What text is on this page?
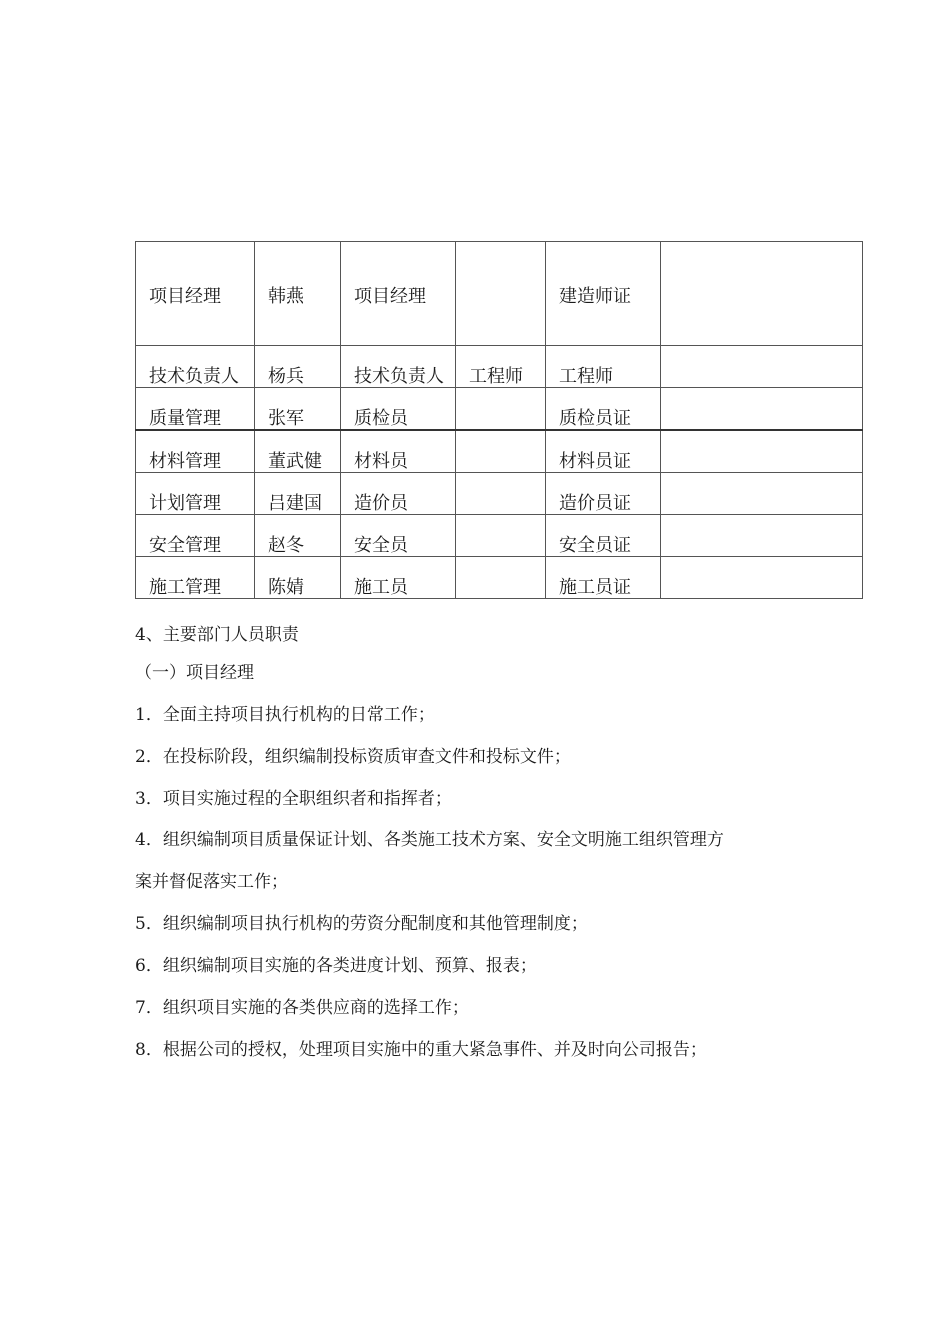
项目经理	韩燕	项目经理		建造师证	
技术负责人	杨兵	技术负责人	工程师	工程师	
质量管理	张军	质检员		质检员证	
材料管理	董武健	材料员		材料员证	
计划管理	吕建国	造价员		造价员证	
安全管理	赵冬	安全员		安全员证	
施工管理	陈婧	施工员		施工员证	
4、主要部门人员职责
（一）项目经理
1．全面主持项目执行机构的日常工作；
2．在投标阶段，组织编制投标资质审查文件和投标文件；
3．项目实施过程的全职组织者和指挥者；
4．组织编制项目质量保证计划、各类施工技术方案、安全文明施工组织管理方
案并督促落实工作；
5．组织编制项目执行机构的劳资分配制度和其他管理制度；
6．组织编制项目实施的各类进度计划、预算、报表；
7．组织项目实施的各类供应商的选择工作；
8．根据公司的授权，处理项目实施中的重大紧急事件、并及时向公司报告；
